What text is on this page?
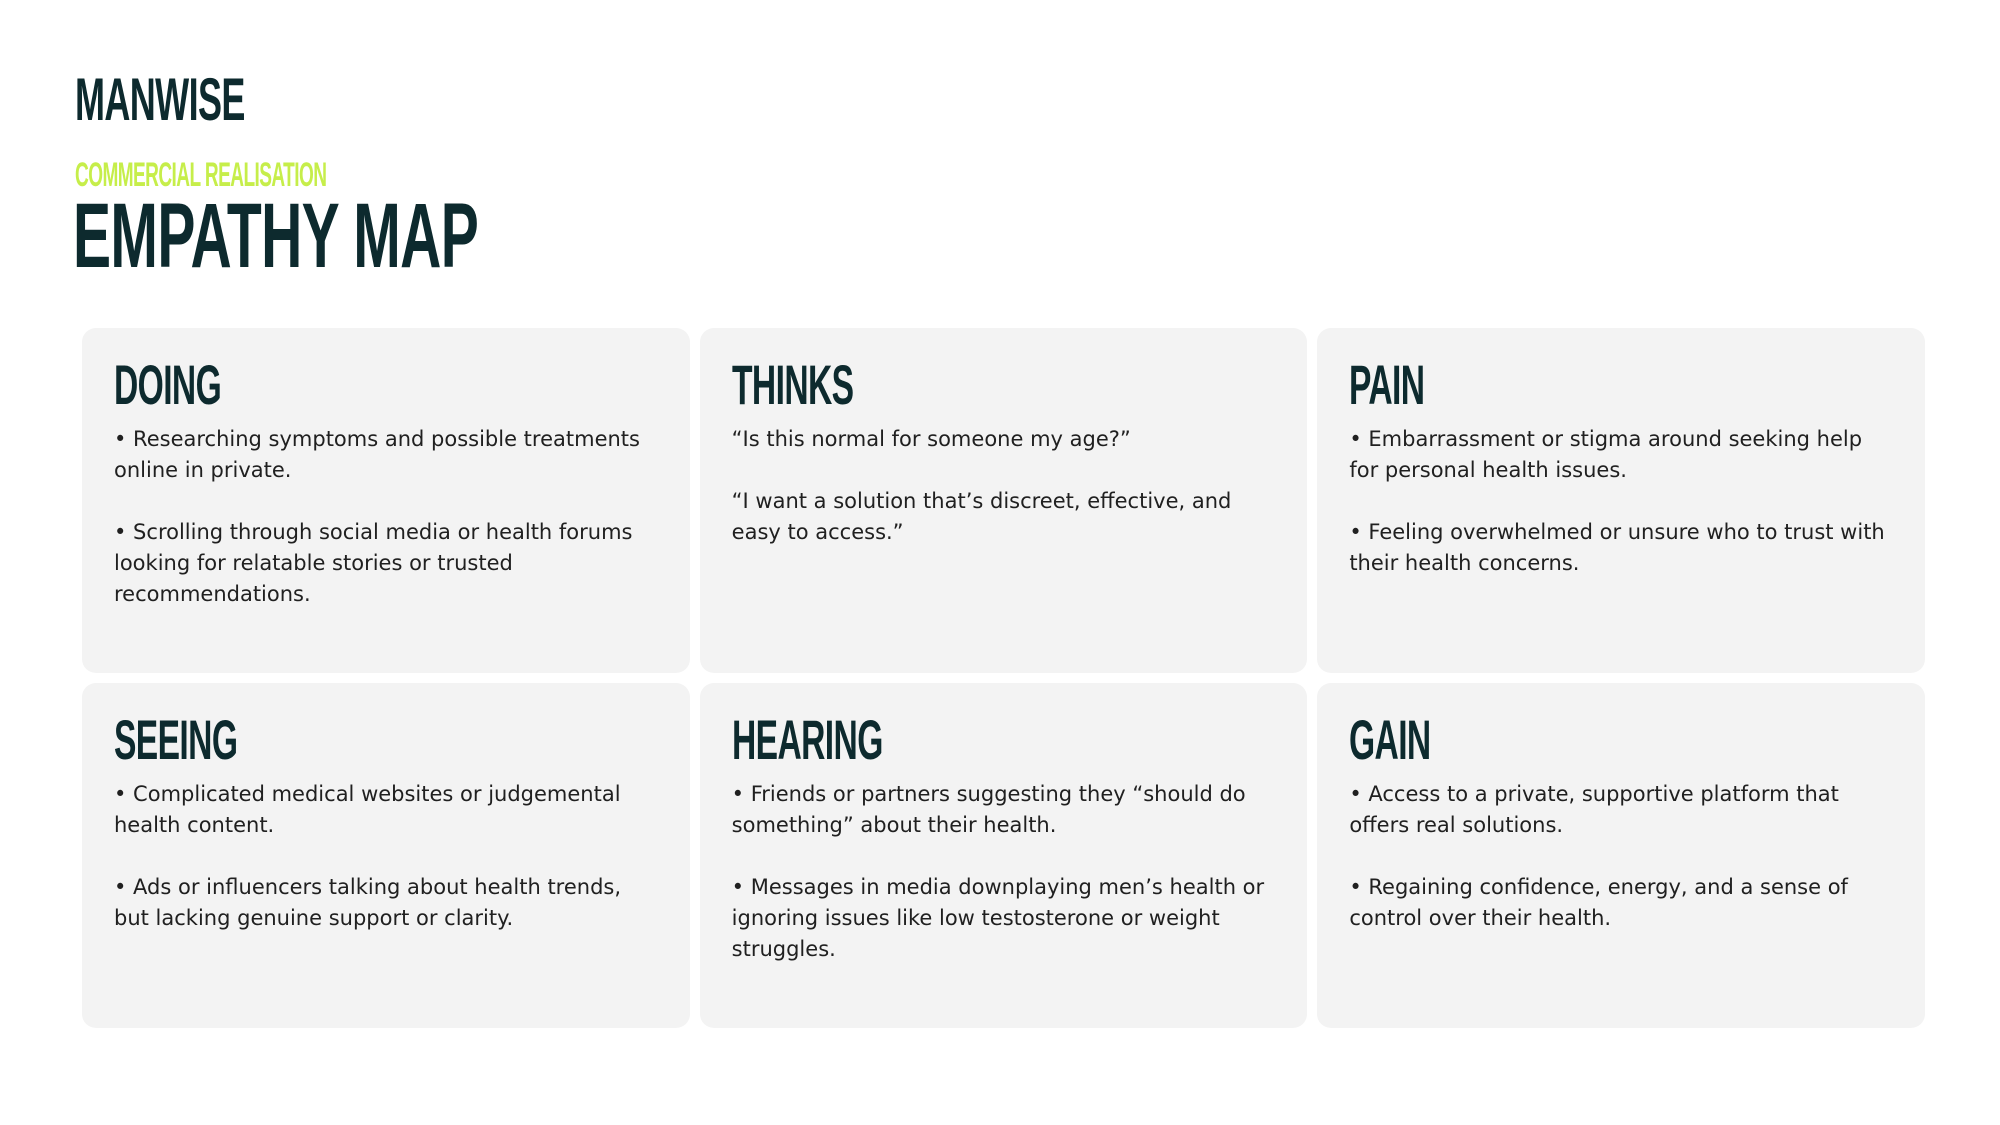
MANWISE
COMMERCIAL REALISATION
EMPATHY MAP
DOING

• Researching symptoms and possible treatments online in private.

• Scrolling through social media or health forums looking for relatable stories or trusted recommendations.

THINKS

“Is this normal for someone my age?”

“I want a solution that’s discreet, effective, and easy to access.”

PAIN

• Embarrassment or stigma around seeking help for personal health issues.

• Feeling overwhelmed or unsure who to trust with their health concerns.

SEEING

• Complicated medical websites or judgemental health content.

• Ads or influencers talking about health trends, but lacking genuine support or clarity.

HEARING

• Friends or partners suggesting they “should do something” about their health.

• Messages in media downplaying men’s health or ignoring issues like low testosterone or weight struggles.

GAIN

• Access to a private, supportive platform that offers real solutions.

• Regaining confidence, energy, and a sense of control over their health.
